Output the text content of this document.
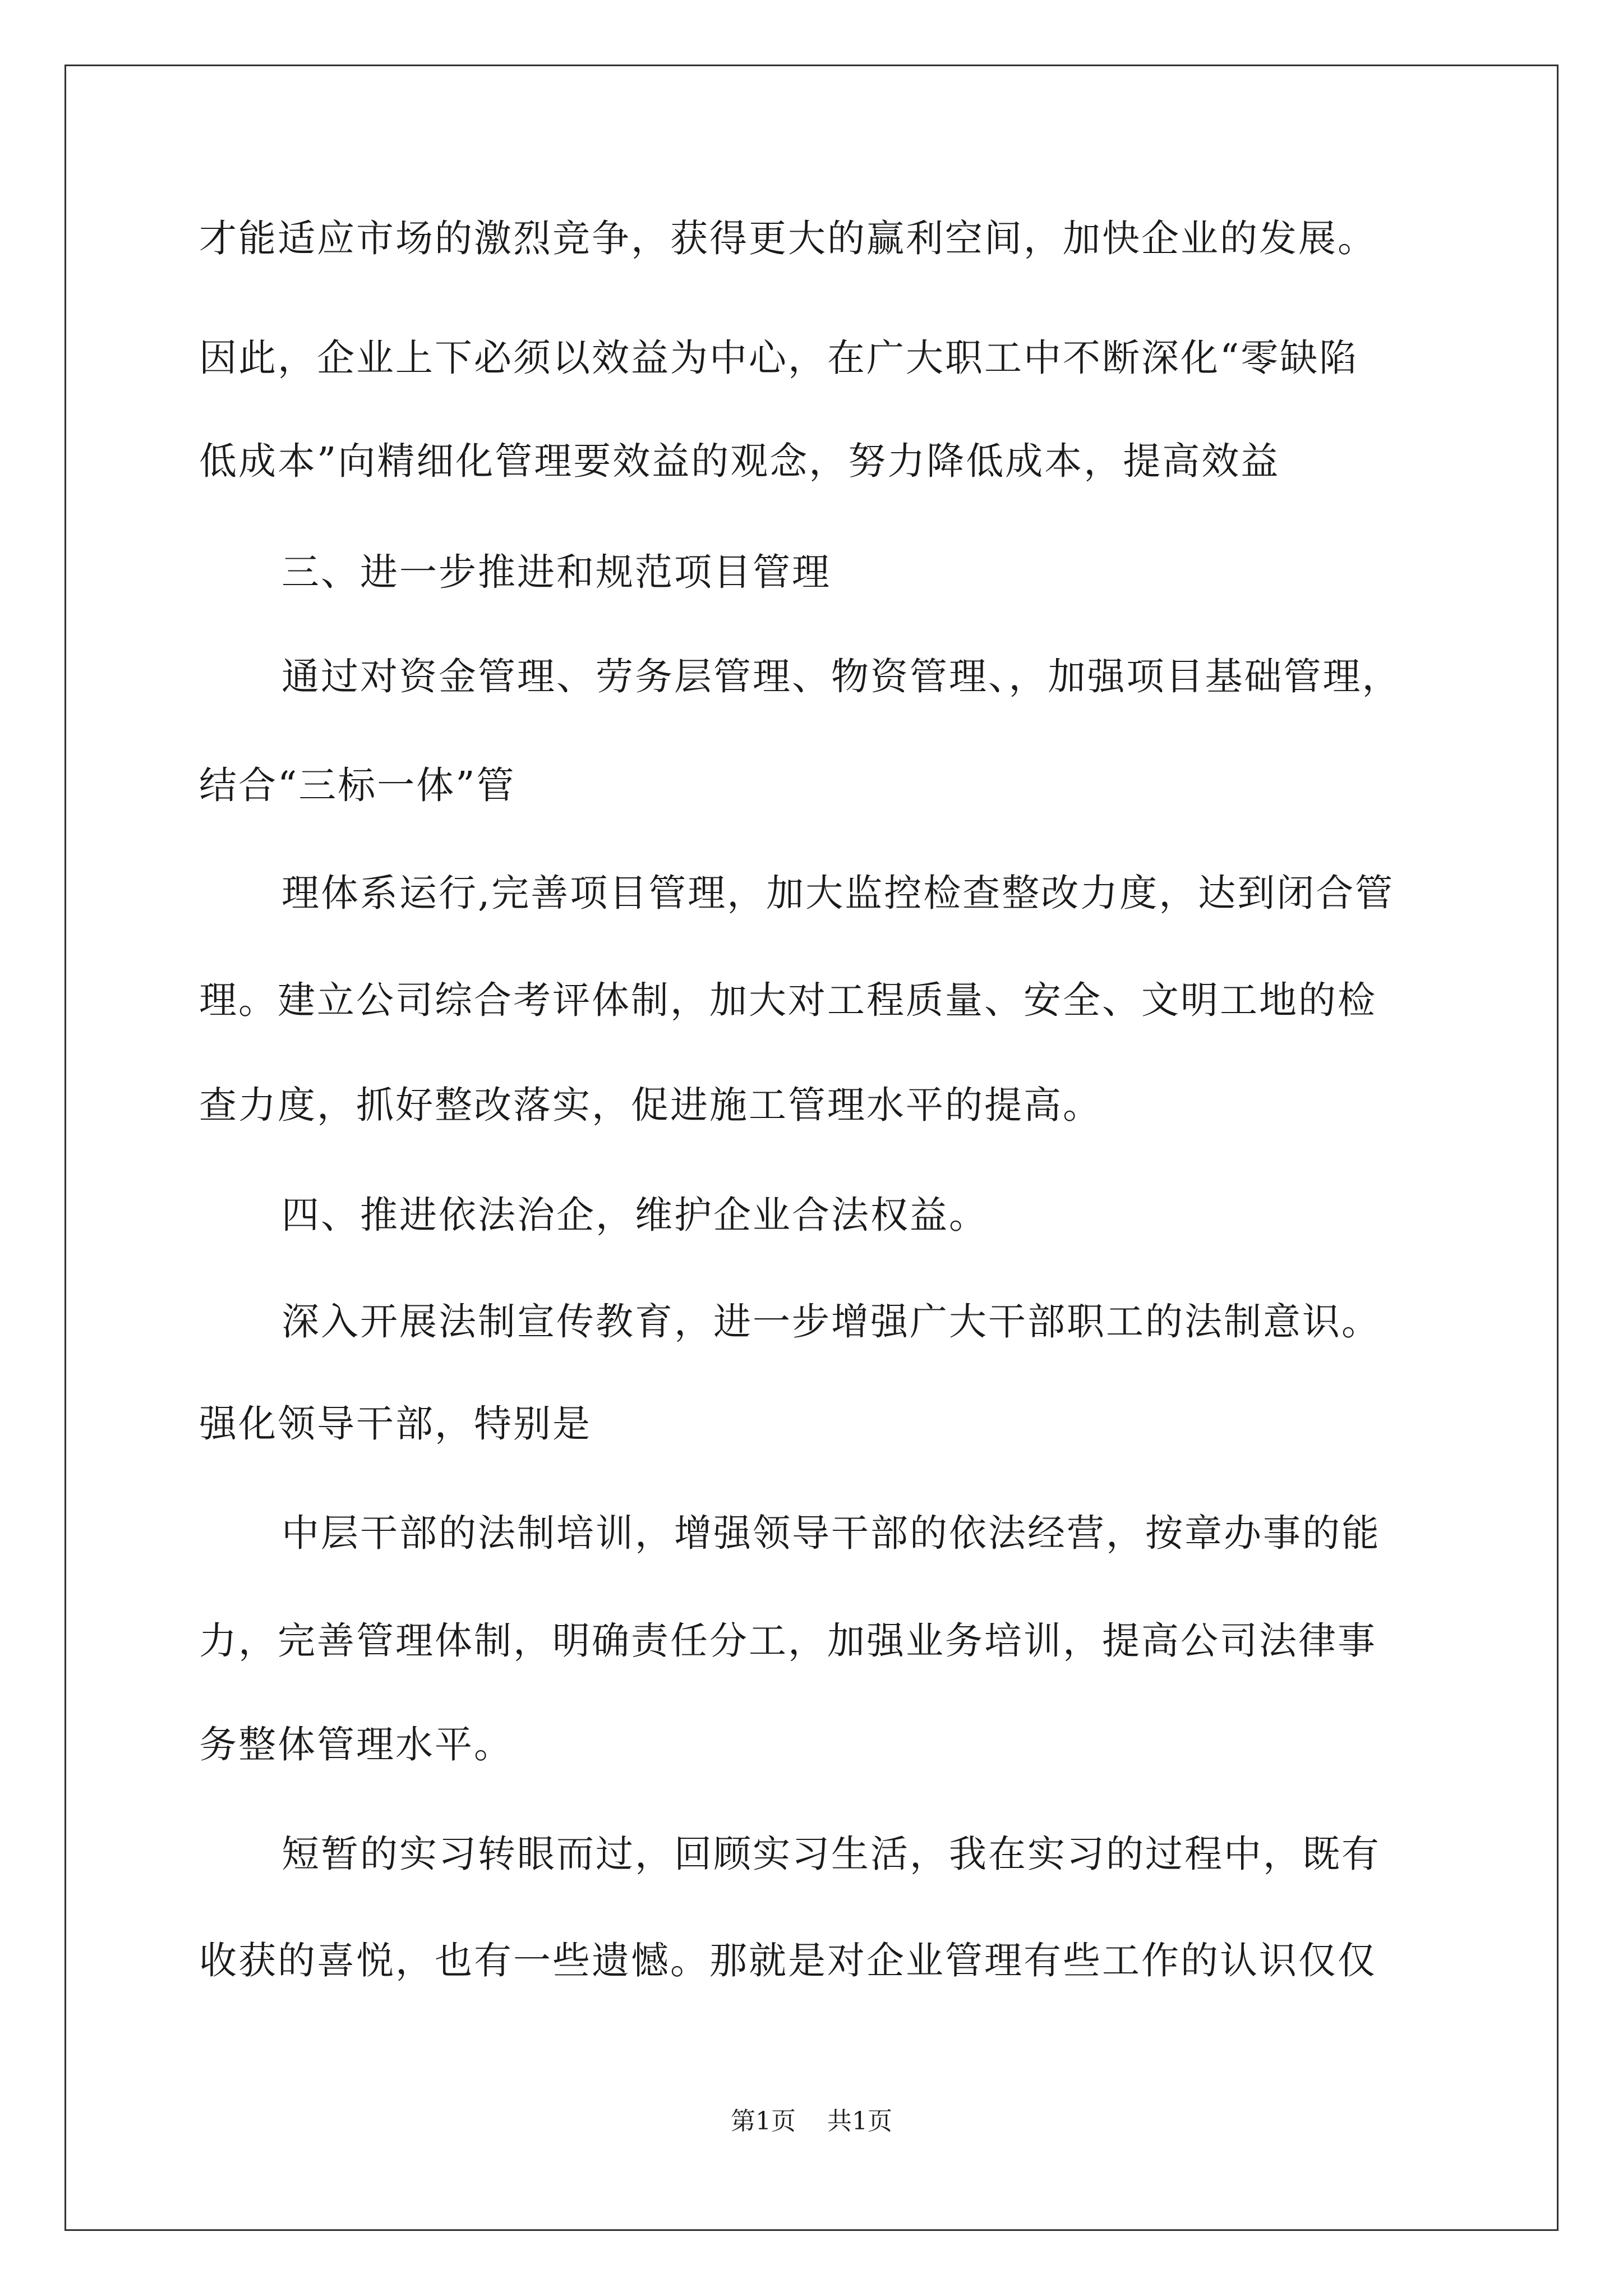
才能适应市场的激烈竞争，获得更大的赢利空间，加快企业的发展。
因此，企业上下必须以效益为中心，在广大职工中不断深化“零缺陷
低成本”向精细化管理要效益的观念，努力降低成本，提高效益
三、进一步推进和规范项目管理
通过对资金管理、劳务层管理、物资管理、，加强项目基础管理，
结合“三标一体”管
理体系运行,完善项目管理，加大监控检查整改力度，达到闭合管
理。建立公司综合考评体制，加大对工程质量、安全、文明工地的检
查力度，抓好整改落实，促进施工管理水平的提高。
四、推进依法治企，维护企业合法权益。
深入开展法制宣传教育，进一步增强广大干部职工的法制意识。
强化领导干部，特别是
中层干部的法制培训，增强领导干部的依法经营，按章办事的能
力，完善管理体制，明确责任分工，加强业务培训，提高公司法律事
务整体管理水平。
短暂的实习转眼而过，回顾实习生活，我在实习的过程中，既有
收获的喜悦，也有一些遗憾。那就是对企业管理有些工作的认识仅仅
第1页    共1页
